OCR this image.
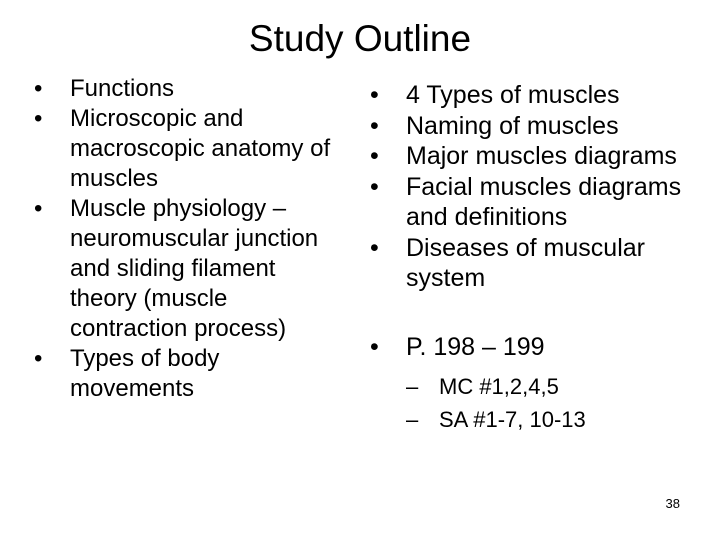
Study Outline
• Functions
• Microscopic and macroscopic anatomy of muscles
• Muscle physiology – neuromuscular junction and sliding filament theory (muscle contraction process)
• Types of body movements
• 4 Types of muscles
• Naming of muscles
• Major muscles diagrams
• Facial muscles diagrams and definitions
• Diseases of muscular system
• P. 198 – 199
– MC #1,2,4,5
– SA #1-7, 10-13
38
